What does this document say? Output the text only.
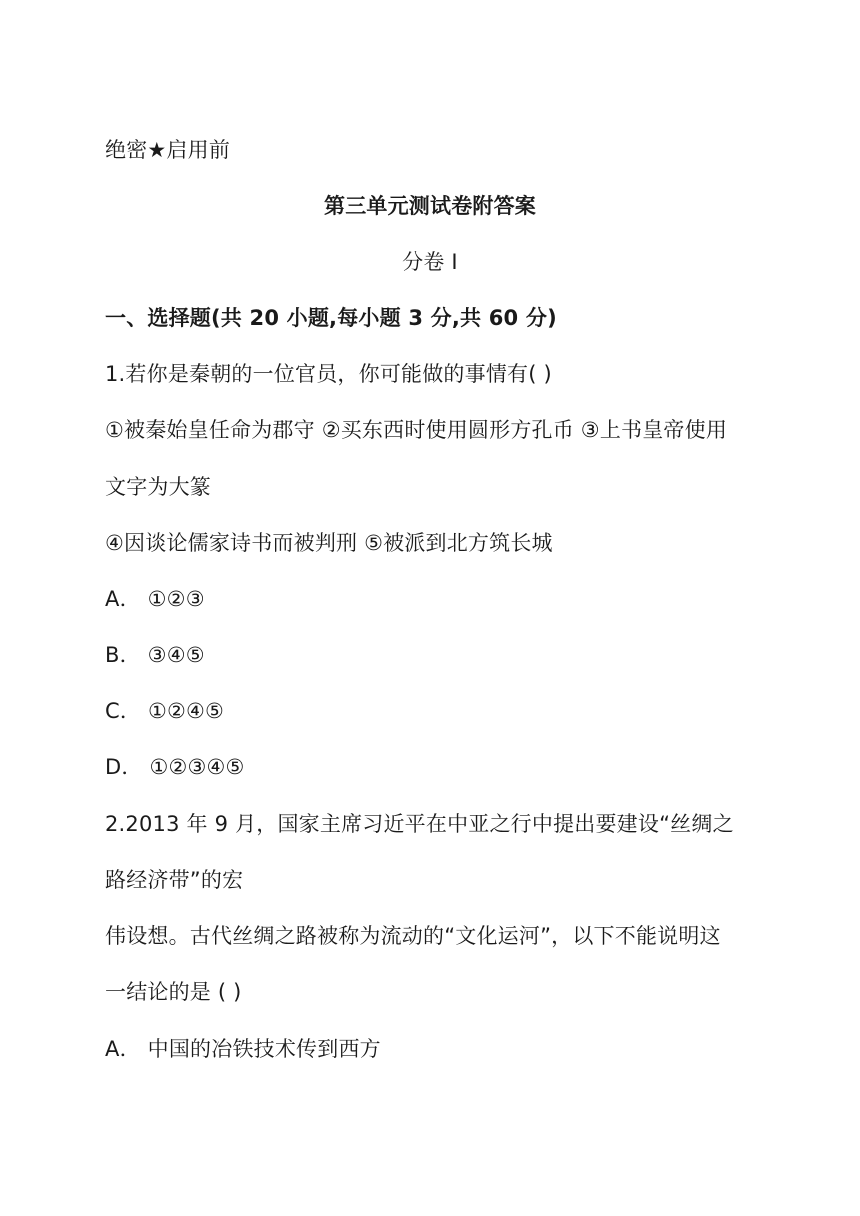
绝密★启用前
第三单元测试卷附答案
分卷 I
一、选择题(共 20 小题,每小题 3 分,共 60 分)
1.若你是秦朝的一位官员，你可能做的事情有( )
①被秦始皇任命为郡守 ②买东西时使用圆形方孔币 ③上书皇帝使用
文字为大篆
④因谈论儒家诗书而被判刑 ⑤被派到北方筑长城
A． ①②③
B． ③④⑤
C． ①②④⑤
D． ①②③④⑤
2.2013 年 9 月，国家主席习近平在中亚之行中提出要建设“丝绸之
路经济带”的宏
伟设想。古代丝绸之路被称为流动的“文化运河”，以下不能说明这
一结论的是 ( )
A． 中国的冶铁技术传到西方
